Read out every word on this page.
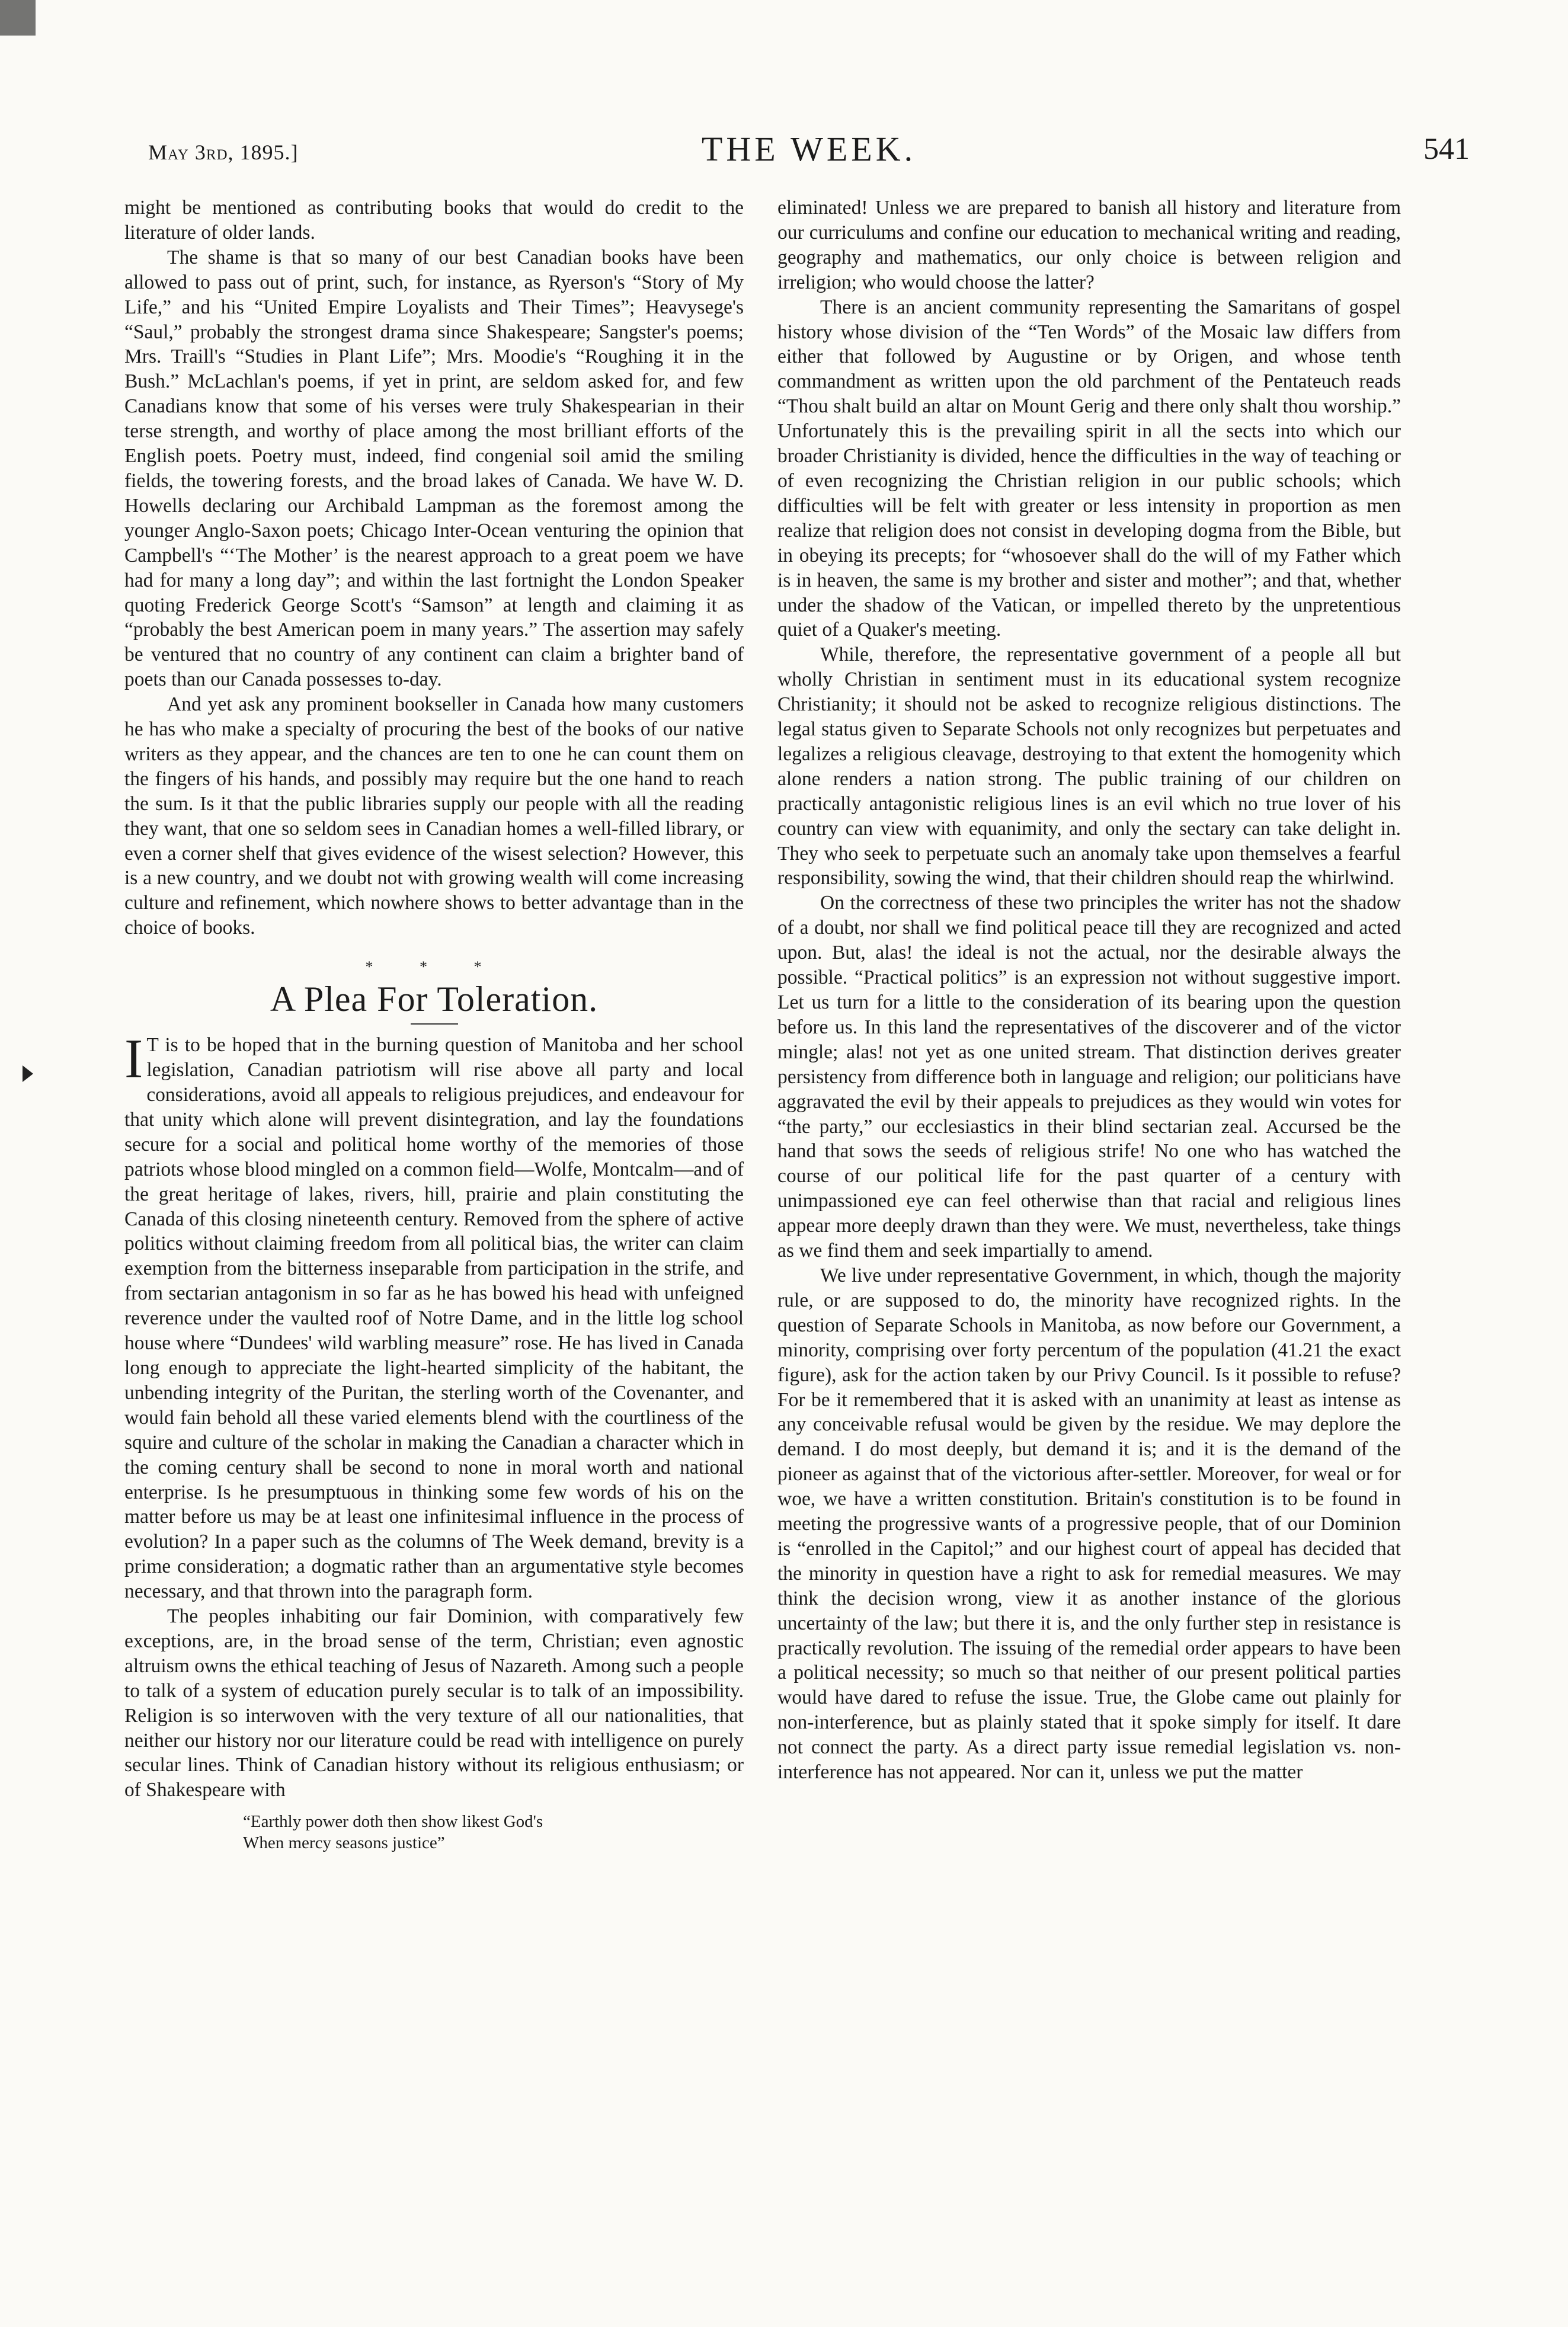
May 3rd, 1895.]	THE WEEK.	541

might be mentioned as contributing books that would do credit to the literature of older lands.

The shame is that so many of our best Canadian books have been allowed to pass out of print, such, for instance, as Ryerson's “Story of My Life,” and his “United Empire Loyalists and Their Times”; Heavysege's “Saul,” probably the strongest drama since Shakespeare; Sangster's poems; Mrs. Traill's “Studies in Plant Life”; Mrs. Moodie's “Roughing it in the Bush.” McLachlan's poems, if yet in print, are seldom asked for, and few Canadians know that some of his verses were truly Shakespearian in their terse strength, and worthy of place among the most brilliant efforts of the English poets. Poetry must, indeed, find congenial soil amid the smiling fields, the towering forests, and the broad lakes of Canada. We have W. D. Howells declaring our Archibald Lampman as the foremost among the younger Anglo-Saxon poets; Chicago Inter-Ocean venturing the opinion that Campbell's “‘The Mother’ is the nearest approach to a great poem we have had for many a long day”; and within the last fortnight the London Speaker quoting Frederick George Scott's “Samson” at length and claiming it as “probably the best American poem in many years.” The assertion may safely be ventured that no country of any continent can claim a brighter band of poets than our Canada possesses to-day.

And yet ask any prominent bookseller in Canada how many customers he has who make a specialty of procuring the best of the books of our native writers as they appear, and the chances are ten to one he can count them on the fingers of his hands, and possibly may require but the one hand to reach the sum. Is it that the public libraries supply our people with all the reading they want, that one so seldom sees in Canadian homes a well-filled library, or even a corner shelf that gives evidence of the wisest selection? However, this is a new country, and we doubt not with growing wealth will come increasing culture and refinement, which nowhere shows to better advantage than in the choice of books.

* * *
A Plea For Toleration.

I T is to be hoped that in the burning question of Manitoba and her school legislation, Canadian patriotism will rise above all party and local considerations, avoid all appeals to religious prejudices, and endeavour for that unity which alone will prevent disintegration, and lay the foundations secure for a social and political home worthy of the memories of those patriots whose blood mingled on a common field—Wolfe, Montcalm—and of the great heritage of lakes, rivers, hill, prairie and plain constituting the Canada of this closing nineteenth century. Removed from the sphere of active politics without claiming freedom from all political bias, the writer can claim exemption from the bitterness inseparable from participation in the strife, and from sectarian antagonism in so far as he has bowed his head with unfeigned reverence under the vaulted roof of Notre Dame, and in the little log school house where “Dundees' wild warbling measure” rose. He has lived in Canada long enough to appreciate the light-hearted simplicity of the habitant, the unbending integrity of the Puritan, the sterling worth of the Covenanter, and would fain behold all these varied elements blend with the courtliness of the squire and culture of the scholar in making the Canadian a character which in the coming century shall be second to none in moral worth and national enterprise. Is he presumptuous in thinking some few words of his on the matter before us may be at least one infinitesimal influence in the process of evolution? In a paper such as the columns of The Week demand, brevity is a prime consideration; a dogmatic rather than an argumentative style becomes necessary, and that thrown into the paragraph form.

The peoples inhabiting our fair Dominion, with comparatively few exceptions, are, in the broad sense of the term, Christian; even agnostic altruism owns the ethical teaching of Jesus of Nazareth. Among such a people to talk of a system of education purely secular is to talk of an impossibility. Religion is so interwoven with the very texture of all our nationalities, that neither our history nor our literature could be read with intelligence on purely secular lines. Think of Canadian history without its religious enthusiasm; or of Shakespeare with

“Earthly power doth then show likest God's
When mercy seasons justice”

eliminated! Unless we are prepared to banish all history and literature from our curriculums and confine our education to mechanical writing and reading, geography and mathematics, our only choice is between religion and irreligion; who would choose the latter?

There is an ancient community representing the Samaritans of gospel history whose division of the “Ten Words” of the Mosaic law differs from either that followed by Augustine or by Origen, and whose tenth commandment as written upon the old parchment of the Pentateuch reads “Thou shalt build an altar on Mount Gerig and there only shalt thou worship.” Unfortunately this is the prevailing spirit in all the sects into which our broader Christianity is divided, hence the difficulties in the way of teaching or of even recognizing the Christian religion in our public schools; which difficulties will be felt with greater or less intensity in proportion as men realize that religion does not consist in developing dogma from the Bible, but in obeying its precepts; for “whosoever shall do the will of my Father which is in heaven, the same is my brother and sister and mother”; and that, whether under the shadow of the Vatican, or impelled thereto by the unpretentious quiet of a Quaker's meeting.

While, therefore, the representative government of a people all but wholly Christian in sentiment must in its educational system recognize Christianity; it should not be asked to recognize religious distinctions. The legal status given to Separate Schools not only recognizes but perpetuates and legalizes a religious cleavage, destroying to that extent the homogenity which alone renders a nation strong. The public training of our children on practically antagonistic religious lines is an evil which no true lover of his country can view with equanimity, and only the sectary can take delight in. They who seek to perpetuate such an anomaly take upon themselves a fearful responsibility, sowing the wind, that their children should reap the whirlwind.

On the correctness of these two principles the writer has not the shadow of a doubt, nor shall we find political peace till they are recognized and acted upon. But, alas! the ideal is not the actual, nor the desirable always the possible. “Practical politics” is an expression not without suggestive import. Let us turn for a little to the consideration of its bearing upon the question before us. In this land the representatives of the discoverer and of the victor mingle; alas! not yet as one united stream. That distinction derives greater persistency from difference both in language and religion; our politicians have aggravated the evil by their appeals to prejudices as they would win votes for “the party,” our ecclesiastics in their blind sectarian zeal. Accursed be the hand that sows the seeds of religious strife! No one who has watched the course of our political life for the past quarter of a century with unimpassioned eye can feel otherwise than that racial and religious lines appear more deeply drawn than they were. We must, nevertheless, take things as we find them and seek impartially to amend.

We live under representative Government, in which, though the majority rule, or are supposed to do, the minority have recognized rights. In the question of Separate Schools in Manitoba, as now before our Government, a minority, comprising over forty percentum of the population (41.21 the exact figure), ask for the action taken by our Privy Council. Is it possible to refuse? For be it remembered that it is asked with an unanimity at least as intense as any conceivable refusal would be given by the residue. We may deplore the demand. I do most deeply, but demand it is; and it is the demand of the pioneer as against that of the victorious after-settler. Moreover, for weal or for woe, we have a written constitution. Britain's constitution is to be found in meeting the progressive wants of a progressive people, that of our Dominion is “enrolled in the Capitol;” and our highest court of appeal has decided that the minority in question have a right to ask for remedial measures. We may think the decision wrong, view it as another instance of the glorious uncertainty of the law; but there it is, and the only further step in resistance is practically revolution. The issuing of the remedial order appears to have been a political necessity; so much so that neither of our present political parties would have dared to refuse the issue. True, the Globe came out plainly for non-interference, but as plainly stated that it spoke simply for itself. It dare not connect the party. As a direct party issue remedial legislation vs. non-interference has not appeared. Nor can it, unless we put the matter
